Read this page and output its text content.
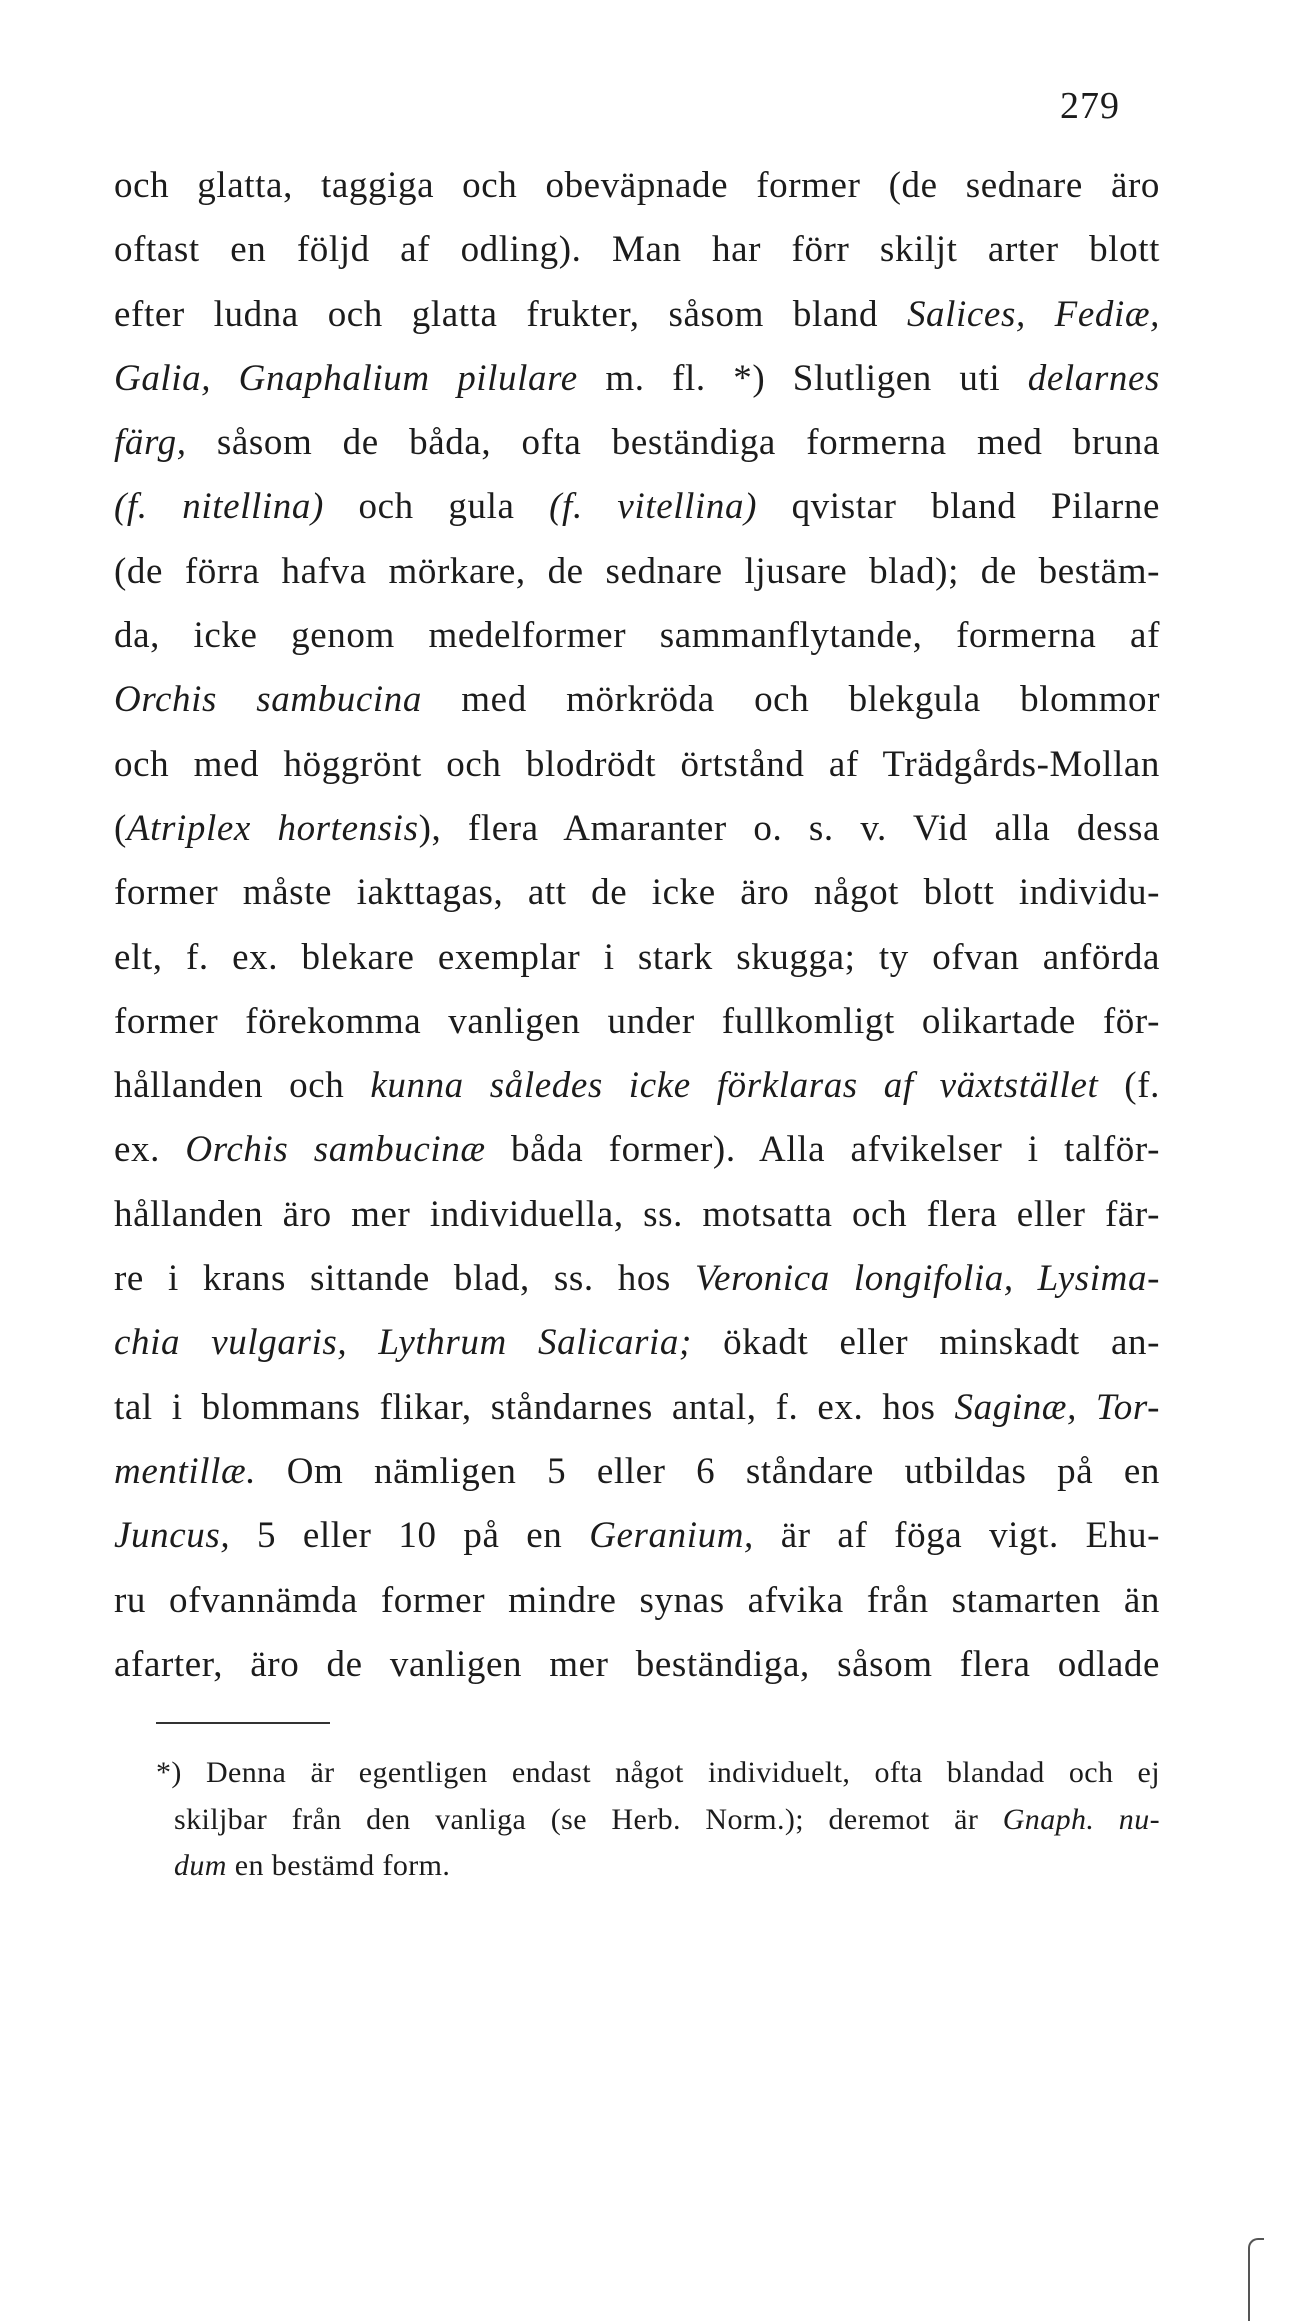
279
och glatta, taggiga och obeväpnade former (de sednare äro
oftast en följd af odling). Man har förr skiljt arter blott
efter ludna och glatta frukter, såsom bland Salices, Fediæ,
Galia, Gnaphalium pilulare m. fl. *) Slutligen uti delarnes
färg, såsom de båda, ofta beständiga formerna med bruna
(f. nitellina) och gula (f. vitellina) qvistar bland Pilarne
(de förra hafva mörkare, de sednare ljusare blad); de bestäm-
da, icke genom medelformer sammanflytande, formerna af
Orchis sambucina med mörkröda och blekgula blommor
och med höggrönt och blodrödt örtstånd af Trädgårds-Mollan
(Atriplex hortensis), flera Amaranter o. s. v. Vid alla dessa
former måste iakttagas, att de icke äro något blott individu-
elt, f. ex. blekare exemplar i stark skugga; ty ofvan anförda
former förekomma vanligen under fullkomligt olikartade för-
hållanden och kunna således icke förklaras af växtstället (f.
ex. Orchis sambucinæ båda former). Alla afvikelser i talför-
hållanden äro mer individuella, ss. motsatta och flera eller fär-
re i krans sittande blad, ss. hos Veronica longifolia, Lysima-
chia vulgaris, Lythrum Salicaria; ökadt eller minskadt an-
tal i blommans flikar, ståndarnes antal, f. ex. hos Saginæ, Tor-
mentillæ. Om nämligen 5 eller 6 ståndare utbildas på en
Juncus, 5 eller 10 på en Geranium, är af föga vigt. Ehu-
ru ofvannämda former mindre synas afvika från stamarten än
afarter, äro de vanligen mer beständiga, såsom flera odlade
*) Denna är egentligen endast något individuelt, ofta blandad och ej
skiljbar från den vanliga (se Herb. Norm.); deremot är Gnaph. nu-
dum en bestämd form.
